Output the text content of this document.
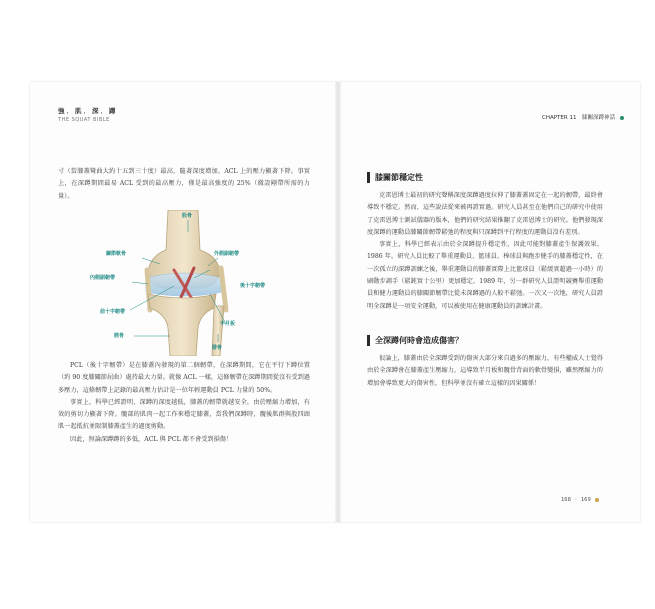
強．肌．深．蹲
THE SQUAT BIBLE	CHAPTER 11　膝關深蹲神話
寸（當膝蓋彎曲大約十五到三十度）最高，隨著深度增加，ACL 上的壓力顯著下降。事實上，在深蹲期間最易 ACL 受到的最高壓力，僅是最高強度的 25%（徹設剛帶所需的力量）。
股骨
關節軟骨	外側副韌帶
內側副韌帶
後十字韌帶
前十字韌帶
半月板
脛骨
腓骨

PCL（後十字韌帶）是在膝蓋內發現的第二個韌帶，在深蹲期間，它在平行下蹲位置（約 90 度膝關節屈曲）處持最大力量。就像 ACL 一樣，這條韌帶在深蹲期間從沒有受到過多壓力，這條韌帶上記錄的最高壓力估計是一位年輕運動員 PCL 力量的 50%。

事實上，科學已經證明，深蹲的深度越低，膝蓋的韌帶就越安全，由於壓縮力增加，有效的剪切力顯著下降。髖部的肌肉一起工作來穩定膝蓋，當我們深蹲時，髖後肌群與股四頭肌一起抵抗並限制膝蓋產生的過度剪動。

因此，無論深蹲蹲的多低，ACL 與 PCL 都不會受到損傷！

膝關節穩定性

克雷恩博士最初的研究聲稱深度深蹲過度拉伸了膝蓋蓋固定在一起的韌帶，最終會導致不穩定。然而，這些說法從來被再證實過。研究人員甚至在他們自己的研究中使用了克雷恩博士測試儀器的版本，他們的研究結果推翻了克雷恩博士的研究。他們發現深度深蹲的運動員膝關節韌帶鬆弛的程度與只深蹲到平行程度的運動員沒有差別。

事實上，科學已經表示由於全深蹲提升穩定性，因此可能對膝蓋產生保護效果。1986 年，研究人員比較了舉重運動員、籃球員、棒球員與跑步健手的膝蓋穩定性，在一次孤立的深蹲訓練之後，舉重運動員的膝蓋實際上比籃球員（鬆緩實超過一小時）的刷動步調手（鬆鈍實十公里）更加穩定。1989 年，另一群研究人員證明競賽舉重運動員和健力運動員的膝關節韌帶比從未深蹲過的人較不鬆弛。一次又一次地，研究人員證明全深蹲是一項安全運動，可以被使用在健康運動員的訓練計畫。

全深蹲何時會造成傷害？

很論上，膝蓋由於全深蹲受到的傷害大部分來自過多的壓縮力，有些權威人士覺得由於全深蹲會在膝蓋產生壓縮力，這導致半月板和髖骨背面的軟骨變損，雖然壓縮力的增加會導致更大的傷害性，但科學並沒有確立這樣的因果關係！

168 · 169
